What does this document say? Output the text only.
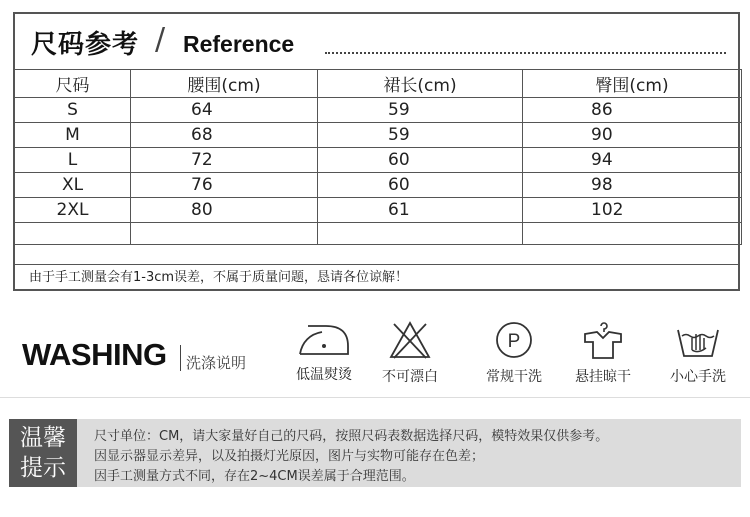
尺码参考 / Reference
尺码	腰围(cm)	裙长(cm)	臀围(cm)
S	64	59	86
M	68	59	90
L	72	60	94
XL	76	60	98
2XL	80	61	102

由于手工测量会有1-3cm误差，不属于质量问题，恳请各位谅解！
WASHING 洗涤说明
低温熨烫	不可漂白
P
常规干洗	悬挂晾干	小心手洗
温馨
提示
尺寸单位：CM，请大家量好自己的尺码，按照尺码表数据选择尺码，模特效果仅供参考。
因显示器显示差异，以及拍摄灯光原因，图片与实物可能存在色差；
因手工测量方式不同，存在2~4CM误差属于合理范围。
